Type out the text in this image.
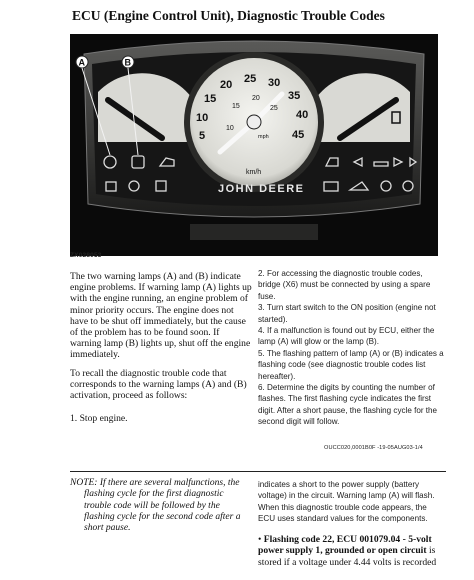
ECU (Engine Control Unit), Diagnostic Trouble Codes
5
10
15
20 25 30
35
40
45
10
15
20
25
mph
km/h
JOHN DEERE
A	B
ZX028053

The two warning lamps (A) and (B) indicate engine problems. If warning lamp (A) lights up with the engine running, an engine problem of minor priority occurs. The engine does not have to be shut off immediately, but the cause of the problem has to be found soon. If warning lamp (B) lights up, shut off the engine immediately.

To recall the diagnostic trouble code that corresponds to the warning lamps (A) and (B) activation, proceed as follows:

1. Stop engine.

2. For accessing the diagnostic trouble codes, bridge (X6) must be connected by using a spare fuse.

3. Turn start switch to the ON position (engine not started).

4. If a malfunction is found out by ECU, either the lamp (A) will glow or the lamp (B).

5. The flashing pattern of lamp (A) or (B) indicates a flashing code (see diagnostic trouble codes list hereafter).

6. Determine the digits by counting the number of flashes. The first flashing cycle indicates the first digit. After a short pause, the flashing cycle for the second digit will follow.

OUCC020,0001B0F -19-05AUG03-1/4
NOTE: If there are several malfunctions, the
flashing cycle for the first diagnostic trouble code will be followed by the flashing cycle for the second code after a short pause.
indicates a short to the power supply (battery voltage) in the circuit. Warning lamp (A) will flash. When this diagnostic trouble code appears, the ECU uses standard values for the components.
• Flashing code 22, ECU 001079.04 - 5-volt power supply 1, grounded or open circuit is stored if a voltage under 4.44 volts is recorded
